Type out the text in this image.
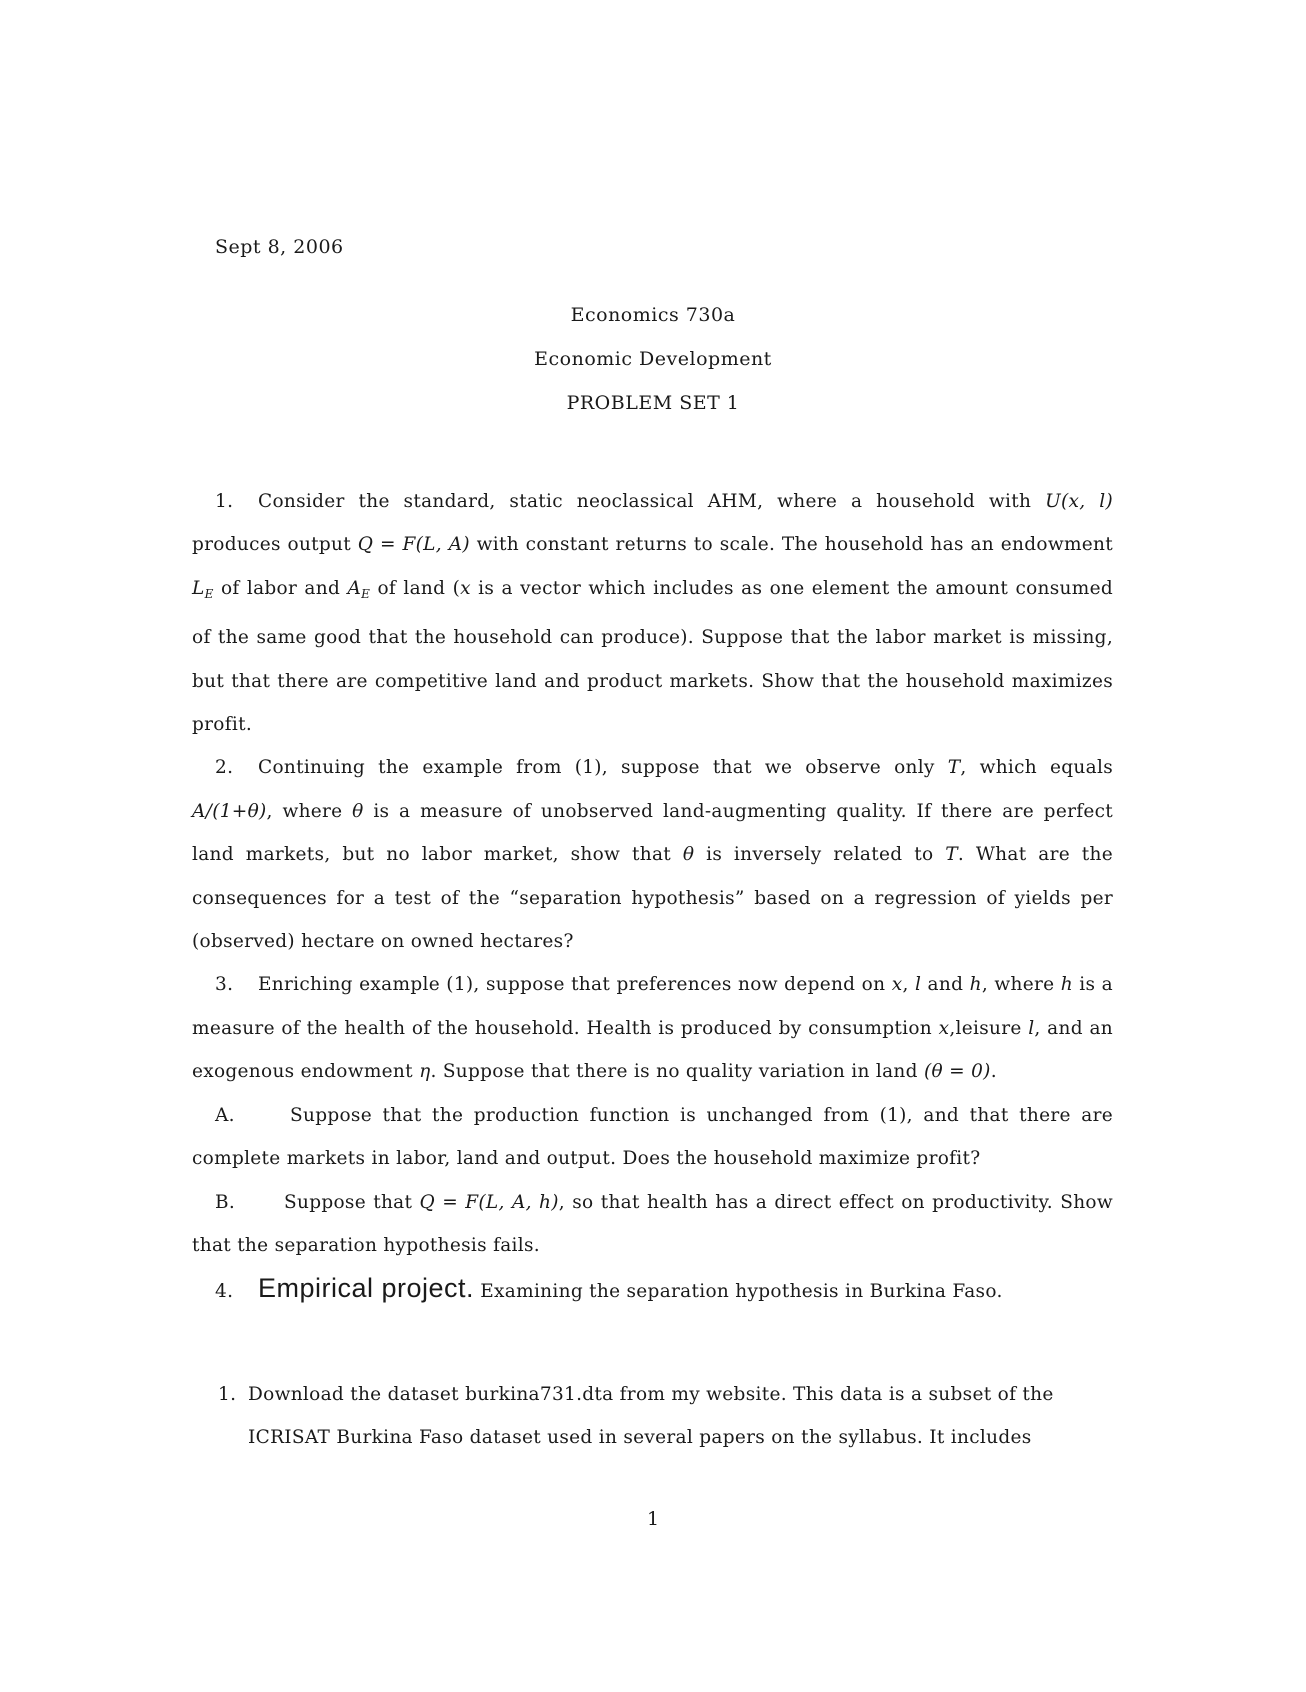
Sept 8, 2006
Economics 730a
Economic Development
PROBLEM SET 1

1. Consider the standard, static neoclassical AHM, where a household with U(x, l) produces output Q = F(L, A) with constant returns to scale. The household has an endowment $L_E$ of labor and $A_E$ of land (x is a vector which includes as one element the amount consumed of the same good that the household can produce). Suppose that the labor market is missing, but that there are competitive land and product markets. Show that the household maximizes profit.

2. Continuing the example from (1), suppose that we observe only T, which equals A/(1+θ), where θ is a measure of unobserved land-augmenting quality. If there are perfect land markets, but no labor market, show that θ is inversely related to T. What are the consequences for a test of the “separation hypothesis” based on a regression of yields per (observed) hectare on owned hectares?

3. Enriching example (1), suppose that preferences now depend on x, l and h, where h is a measure of the health of the household. Health is produced by consumption x,leisure l, and an exogenous endowment η. Suppose that there is no quality variation in land (θ = 0).

A.	Suppose that the production function is unchanged from (1), and that there are complete markets in labor, land and output. Does the household maximize profit?

B.	Suppose that Q = F(L, A, h), so that health has a direct effect on productivity. Show that the separation hypothesis fails.

4. Empirical project. Examining the separation hypothesis in Burkina Faso.

1. Download the dataset burkina731.dta from my website. This data is a subset of the
ICRISAT Burkina Faso dataset used in several papers on the syllabus. It includes
1
